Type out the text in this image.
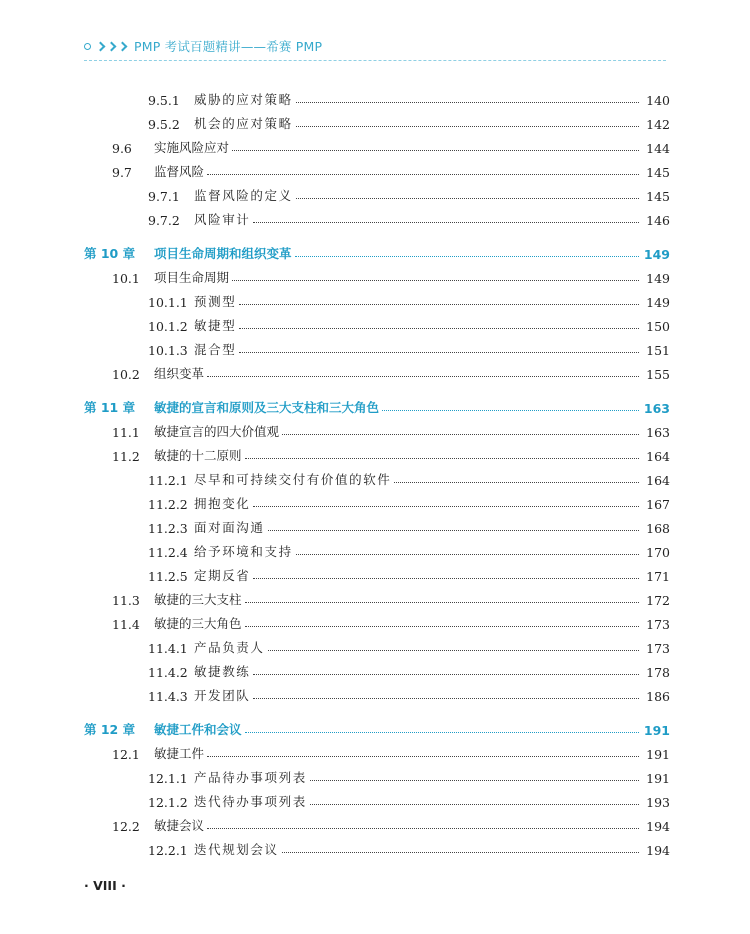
PMP 考试百题精讲——希赛 PMP
9.5.1	威胁的应对策略	140
9.5.2	机会的应对策略	142
9.6	实施风险应对	144
9.7	监督风险	145
9.7.1	监督风险的定义	145
9.7.2	风险审计	146
第 10 章	项目生命周期和组织变革	149
10.1	项目生命周期	149
10.1.1 预测型	149
10.1.2 敏捷型	150
10.1.3 混合型	151
10.2	组织变革	155
第 11 章	敏捷的宣言和原则及三大支柱和三大角色	163
11.1	敏捷宣言的四大价值观	163
11.2	敏捷的十二原则	164
11.2.1 尽早和可持续交付有价值的软件	164
11.2.2 拥抱变化	167
11.2.3 面对面沟通	168
11.2.4 给予环境和支持	170
11.2.5 定期反省	171
11.3	敏捷的三大支柱	172
11.4	敏捷的三大角色	173
11.4.1 产品负责人	173
11.4.2 敏捷教练	178
11.4.3 开发团队	186
第 12 章	敏捷工件和会议	191
12.1	敏捷工件	191
12.1.1 产品待办事项列表	191
12.1.2 迭代待办事项列表	193
12.2	敏捷会议	194
12.2.1 迭代规划会议	194
· VIII ·
